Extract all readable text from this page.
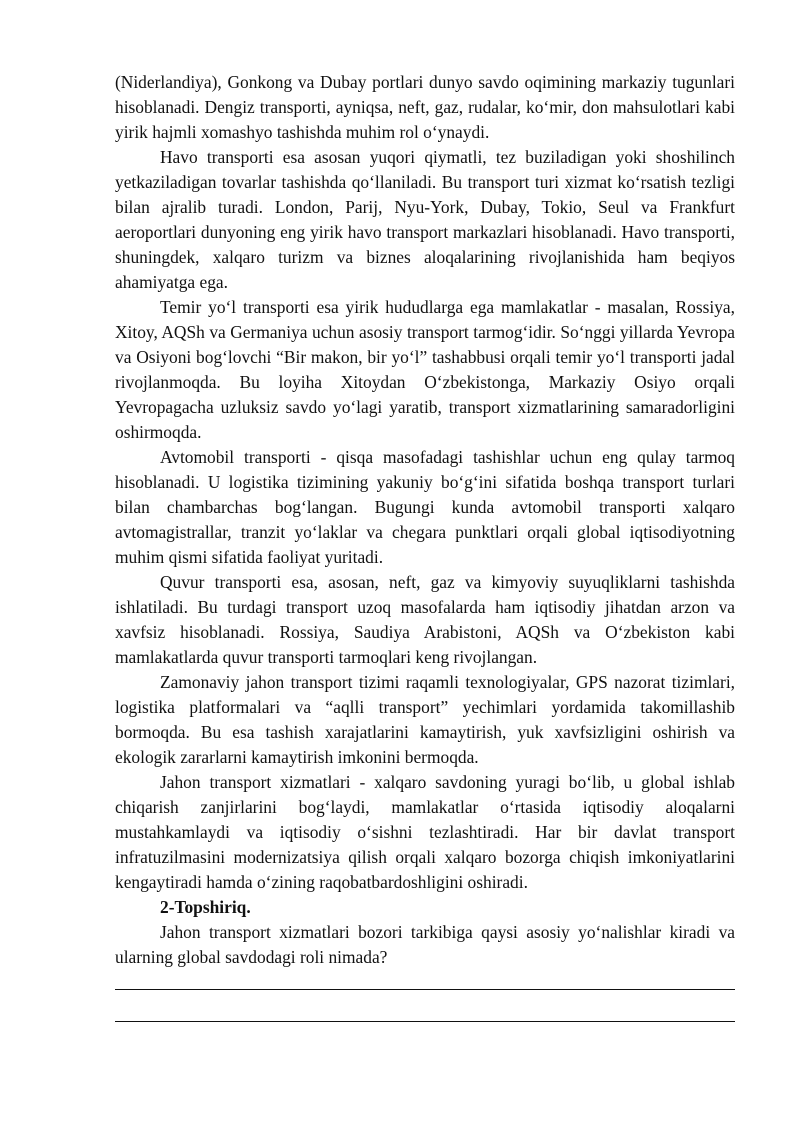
(Niderlandiya), Gonkong va Dubay portlari dunyo savdo oqimining markaziy tugunlari hisoblanadi. Dengiz transporti, ayniqsa, neft, gaz, rudalar, ko‘mir, don mahsulotlari kabi yirik hajmli xomashyo tashishda muhim rol o‘ynaydi.

Havo transporti esa asosan yuqori qiymatli, tez buziladigan yoki shoshilinch yetkaziladigan tovarlar tashishda qo‘llaniladi. Bu transport turi xizmat ko‘rsatish tezligi bilan ajralib turadi. London, Parij, Nyu-York, Dubay, Tokio, Seul va Frankfurt aeroportlari dunyoning eng yirik havo transport markazlari hisoblanadi. Havo transporti, shuningdek, xalqaro turizm va biznes aloqalarining rivojlanishida ham beqiyos ahamiyatga ega.

Temir yo‘l transporti esa yirik hududlarga ega mamlakatlar - masalan, Rossiya, Xitoy, AQSh va Germaniya uchun asosiy transport tarmog‘idir. So‘nggi yillarda Yevropa va Osiyoni bog‘lovchi “Bir makon, bir yo‘l” tashabbusi orqali temir yo‘l transporti jadal rivojlanmoqda. Bu loyiha Xitoydan O‘zbekistonga, Markaziy Osiyo orqali Yevropagacha uzluksiz savdo yo‘lagi yaratib, transport xizmatlarining samaradorligini oshirmoqda.

Avtomobil transporti - qisqa masofadagi tashishlar uchun eng qulay tarmoq hisoblanadi. U logistika tizimining yakuniy bo‘g‘ini sifatida boshqa transport turlari bilan chambarchas bog‘langan. Bugungi kunda avtomobil transporti xalqaro avtomagistrallar, tranzit yo‘laklar va chegara punktlari orqali global iqtisodiyotning muhim qismi sifatida faoliyat yuritadi.

Quvur transporti esa, asosan, neft, gaz va kimyoviy suyuqliklarni tashishda ishlatiladi. Bu turdagi transport uzoq masofalarda ham iqtisodiy jihatdan arzon va xavfsiz hisoblanadi. Rossiya, Saudiya Arabistoni, AQSh va O‘zbekiston kabi mamlakatlarda quvur transporti tarmoqlari keng rivojlangan.

Zamonaviy jahon transport tizimi raqamli texnologiyalar, GPS nazorat tizimlari, logistika platformalari va “aqlli transport” yechimlari yordamida takomillashib bormoqda. Bu esa tashish xarajatlarini kamaytirish, yuk xavfsizligini oshirish va ekologik zararlarni kamaytirish imkonini bermoqda.

Jahon transport xizmatlari - xalqaro savdoning yuragi bo‘lib, u global ishlab chiqarish zanjirlarini bog‘laydi, mamlakatlar o‘rtasida iqtisodiy aloqalarni mustahkamlaydi va iqtisodiy o‘sishni tezlashtiradi. Har bir davlat transport infratuzilmasini modernizatsiya qilish orqali xalqaro bozorga chiqish imkoniyatlarini kengaytiradi hamda o‘zining raqobatbardoshligini oshiradi.

2-Topshiriq.

Jahon transport xizmatlari bozori tarkibiga qaysi asosiy yo‘nalishlar kiradi va ularning global savdodagi roli nimada?
